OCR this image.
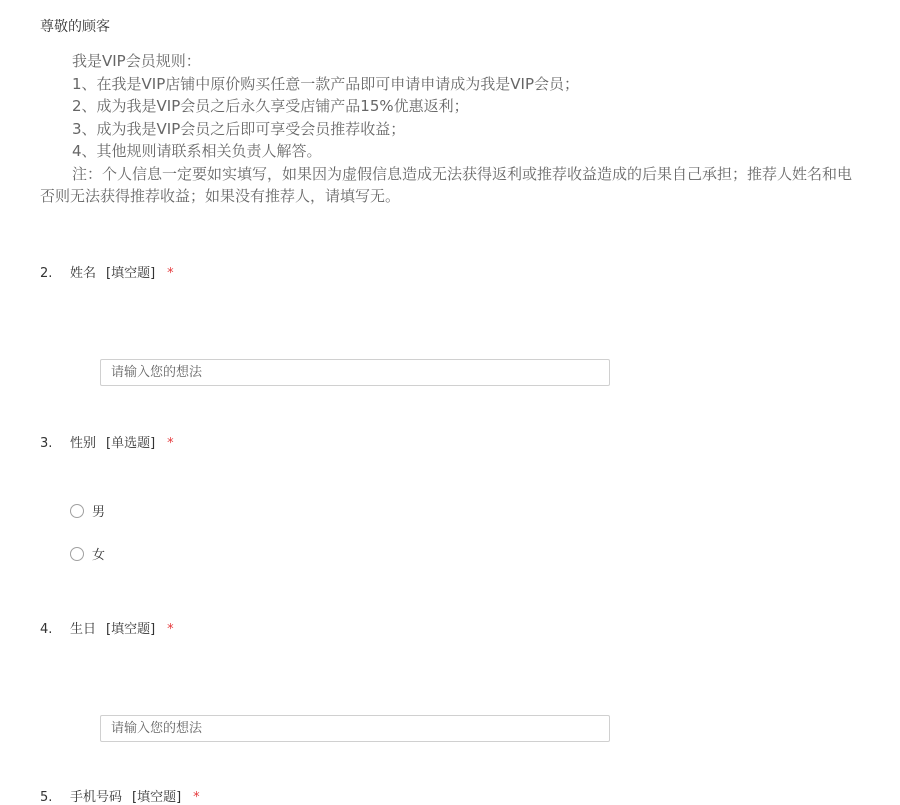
尊敬的顾客
我是VIP会员规则：
1、在我是VIP店铺中原价购买任意一款产品即可申请申请成为我是VIP会员；
2、成为我是VIP会员之后永久享受店铺产品15%优惠返利；
3、成为我是VIP会员之后即可享受会员推荐收益；
4、其他规则请联系相关负责人解答。
注：个人信息一定要如实填写，如果因为虚假信息造成无法获得返利或推荐收益造成的后果自己承担；推荐人姓名和电
否则无法获得推荐收益；如果没有推荐人，请填写无。
2. 姓名 [填空题] *
请输入您的想法
3. 性别 [单选题] *
男
女
4. 生日 [填空题] *
请输入您的想法
5. 手机号码 [填空题] *
